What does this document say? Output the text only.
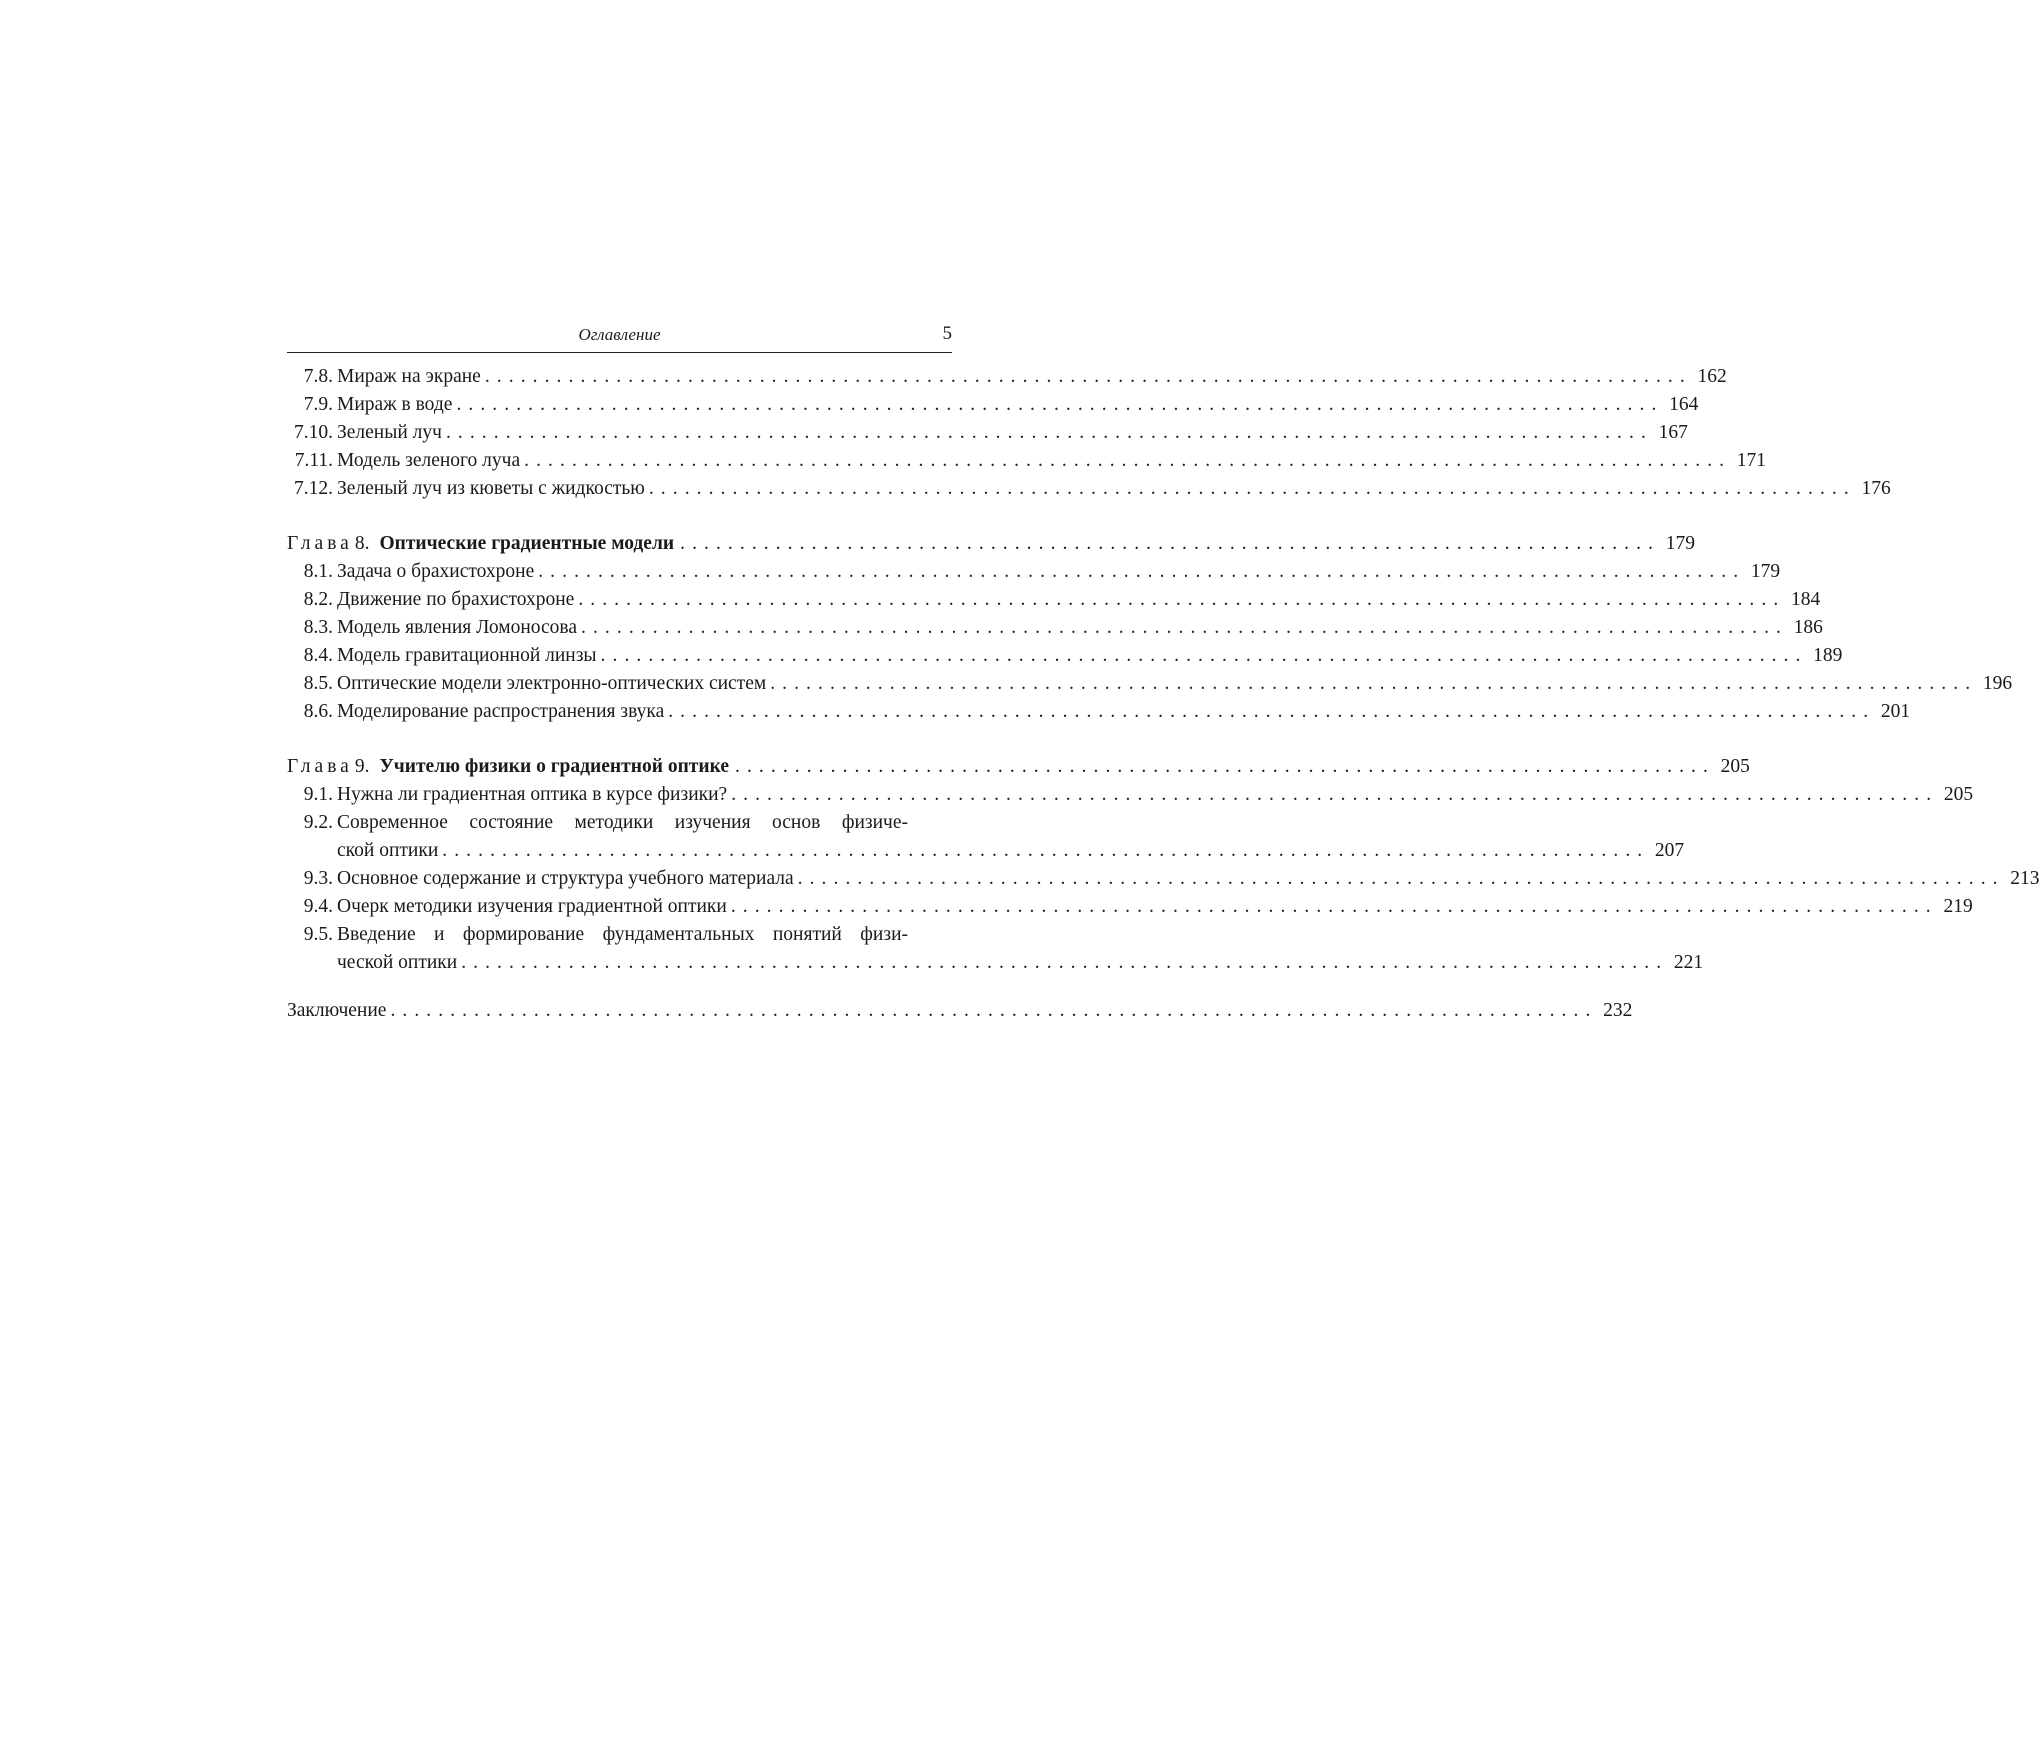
Оглавление	5
7.8. Мираж на экране . . .	162
7.9. Мираж в воде . . .	164
7.10. Зеленый луч . . .	167
7.11. Модель зеленого луча . . .	171
7.12. Зеленый луч из кюветы с жидкостью . . .	176
Глава 8. Оптические градиентные модели . . .	179
8.1. Задача о брахистохроне . . .	179
8.2. Движение по брахистохроне . . .	184
8.3. Модель явления Ломоносова . . .	186
8.4. Модель гравитационной линзы . . .	189
8.5. Оптические модели электронно-оптических систем . . .	196
8.6. Моделирование распространения звука . . .	201
Глава 9. Учителю физики о градиентной оптике . . .	205
9.1. Нужна ли градиентная оптика в курсе физики? . . .	205
9.2. Современное состояние методики изучения основ физиче-
ской оптики . . .	207
9.3. Основное содержание и структура учебного материала . . .	213
9.4. Очерк методики изучения градиентной оптики . . .	219
9.5. Введение и формирование фундаментальных понятий физи-
ческой оптики . . .	221
Заключение . . .	232
